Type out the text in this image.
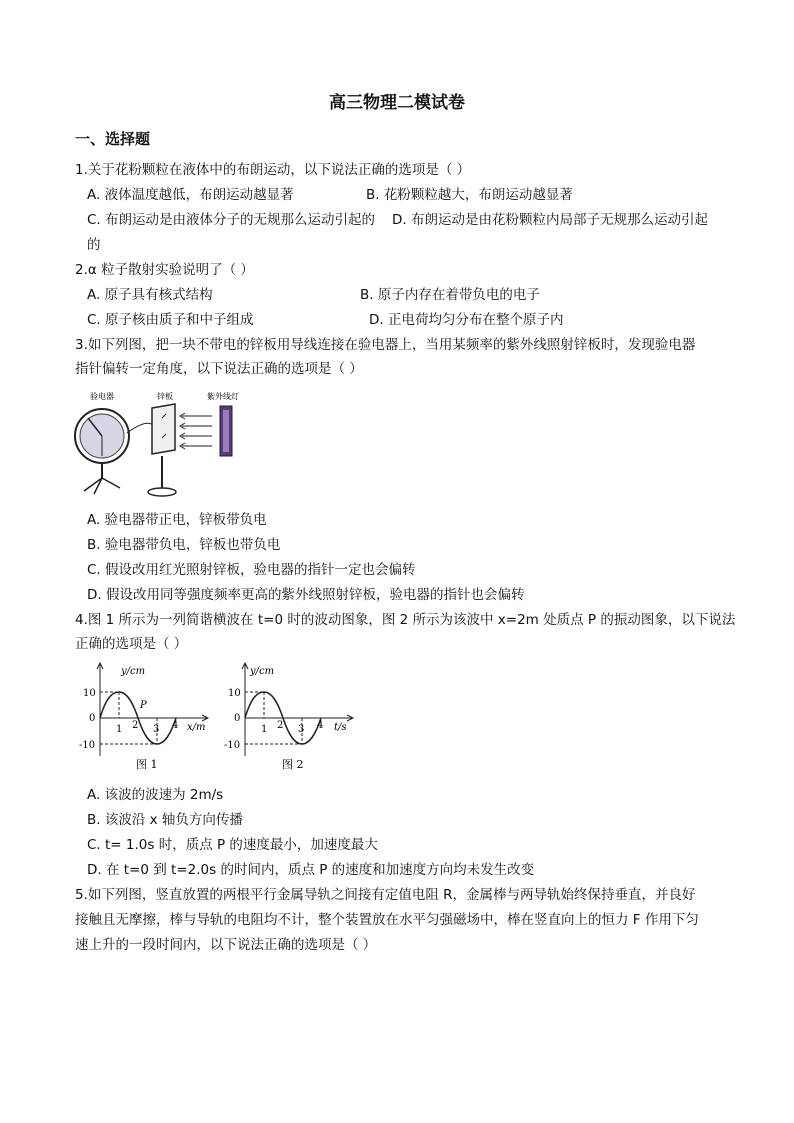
高三物理二模试卷
一、选择题
1.关于花粉颗粒在液体中的布朗运动，以下说法正确的选项是（ ）
A. 液体温度越低，布朗运动越显著	B. 花粉颗粒越大，布朗运动越显著
C. 布朗运动是由液体分子的无规那么运动引起的 D. 布朗运动是由花粉颗粒内局部子无规那么运动引起
的
2.α 粒子散射实验说明了（ ）
A. 原子具有核式结构	B. 原子内存在着带负电的电子
C. 原子核由质子和中子组成	D. 正电荷均匀分布在整个原子内
3.如下列图，把一块不带电的锌板用导线连接在验电器上，当用某频率的紫外线照射锌板时，发现验电器
指针偏转一定角度，以下说法正确的选项是（ ）
验电器	锌板	紫外线灯
A. 验电器带正电，锌板带负电
B. 验电器带负电，锌板也带负电
C. 假设改用红光照射锌板，验电器的指针一定也会偏转
D. 假设改用同等强度频率更高的紫外线照射锌板，验电器的指针也会偏转
4.图 1 所示为一列简谐横波在 t=0 时的波动图象，图 2 所示为该波中 x=2m 处质点 P 的振动图象，以下说法
正确的选项是（ ）
y/cm
10
0
-10
1 2 3 4 x/m
P
图 1
y/cm
10
0
-10
1 2 3 4 t/s
图 2
A. 该波的波速为 2m/s
B. 该波沿 x 轴负方向传播
C. t= 1.0s 时，质点 P 的速度最小，加速度最大
D. 在 t=0 到 t=2.0s 的时间内，质点 P 的速度和加速度方向均未发生改变
5.如下列图，竖直放置的两根平行金属导轨之间接有定值电阻 R，金属棒与两导轨始终保持垂直，并良好
接触且无摩擦，棒与导轨的电阻均不计，整个装置放在水平匀强磁场中，棒在竖直向上的恒力 F 作用下匀
速上升的一段时间内，以下说法正确的选项是（ ）
